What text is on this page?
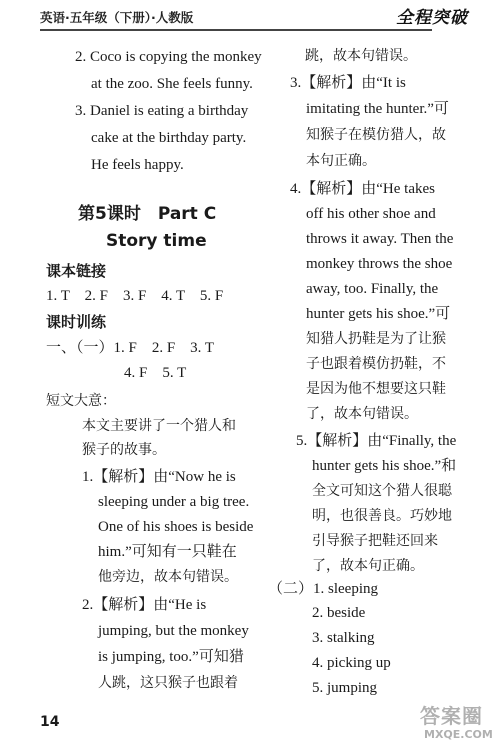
英语·五年级（下册）·人教版	全程突破
2. Coco is copying the monkey
at the zoo. She feels funny.
3. Daniel is eating a birthday
cake at the birthday party.
He feels happy.
第5课时　Part C
Story time
课本链接
1. T　2. F　3. F　4. T　5. F
课时训练
一、（一）1. F　2. F　3. T
4. F　5. T
短文大意：
本文主要讲了一个猎人和
猴子的故事。
1.【解析】由“Now he is
sleeping under a big tree.
One of his shoes is beside
him.”可知有一只鞋在
他旁边，故本句错误。
2.【解析】由“He is
jumping, but the monkey
is jumping, too.”可知猎
人跳，这只猴子也跟着
跳，故本句错误。
3.【解析】由“It is
imitating the hunter.”可
知猴子在模仿猎人，故
本句正确。
4.【解析】由“He takes
off his other shoe and
throws it away. Then the
monkey throws the shoe
away, too. Finally, the
hunter gets his shoe.”可
知猎人扔鞋是为了让猴
子也跟着模仿扔鞋，不
是因为他不想要这只鞋
了，故本句错误。
5.【解析】由“Finally, the
hunter gets his shoe.”和
全文可知这个猎人很聪
明，也很善良。巧妙地
引导猴子把鞋还回来
了，故本句正确。
（二）1. sleeping
2. beside
3. stalking
4. picking up
5. jumping
14	答案圈
MXQE.COM
